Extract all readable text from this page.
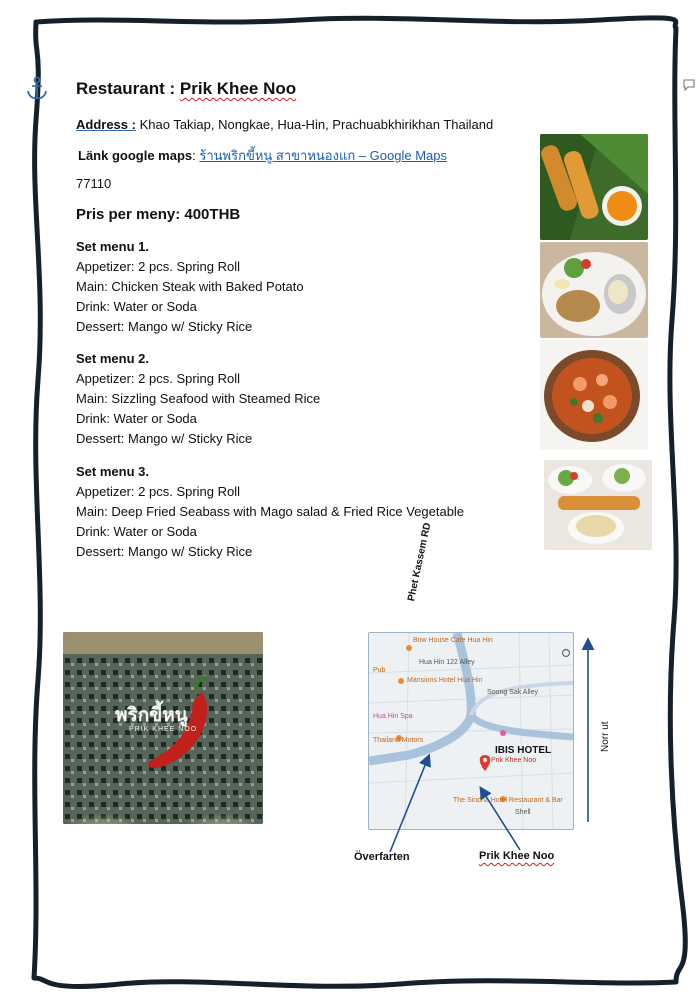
Restaurant : Prik Khee Noo
Address : Khao Takiap, Nongkae, Hua-Hin, Prachuabkhirikhan Thailand
Länk google maps: ร้านพริกขี้หนู สาขาหนองแก – Google Maps
77110
Pris per meny: 400THB
Set menu 1.
Appetizer: 2 pcs. Spring Roll
Main: Chicken Steak with Baked Potato
Drink: Water or Soda
Dessert: Mango w/ Sticky Rice
Set menu 2.
Appetizer: 2 pcs. Spring Roll
Main: Sizzling Seafood with Steamed Rice
Drink: Water or Soda
Dessert: Mango w/ Sticky Rice
Set menu 3.
Appetizer: 2 pcs. Spring Roll
Main: Deep Fried Seabass with Mago salad & Fried Rice Vegetable
Drink: Water or Soda
Dessert: Mango w/ Sticky Rice
พริกขี้หนู
PRIK KHEE NOO
Bow House Cafe Hua Hin
Hua Hin 122 Alley
Mansions Hotel Hua Hin
Soong Sak Alley
Hua Hin Spa
Pub
Thailand Motors
Prik Khee Noo
The Sindha Hotel Restaurant & Bar
Shell
IBIS HOTEL
Phet Kassem RD
Norr ut
Överfarten	Prik Khee Noo
